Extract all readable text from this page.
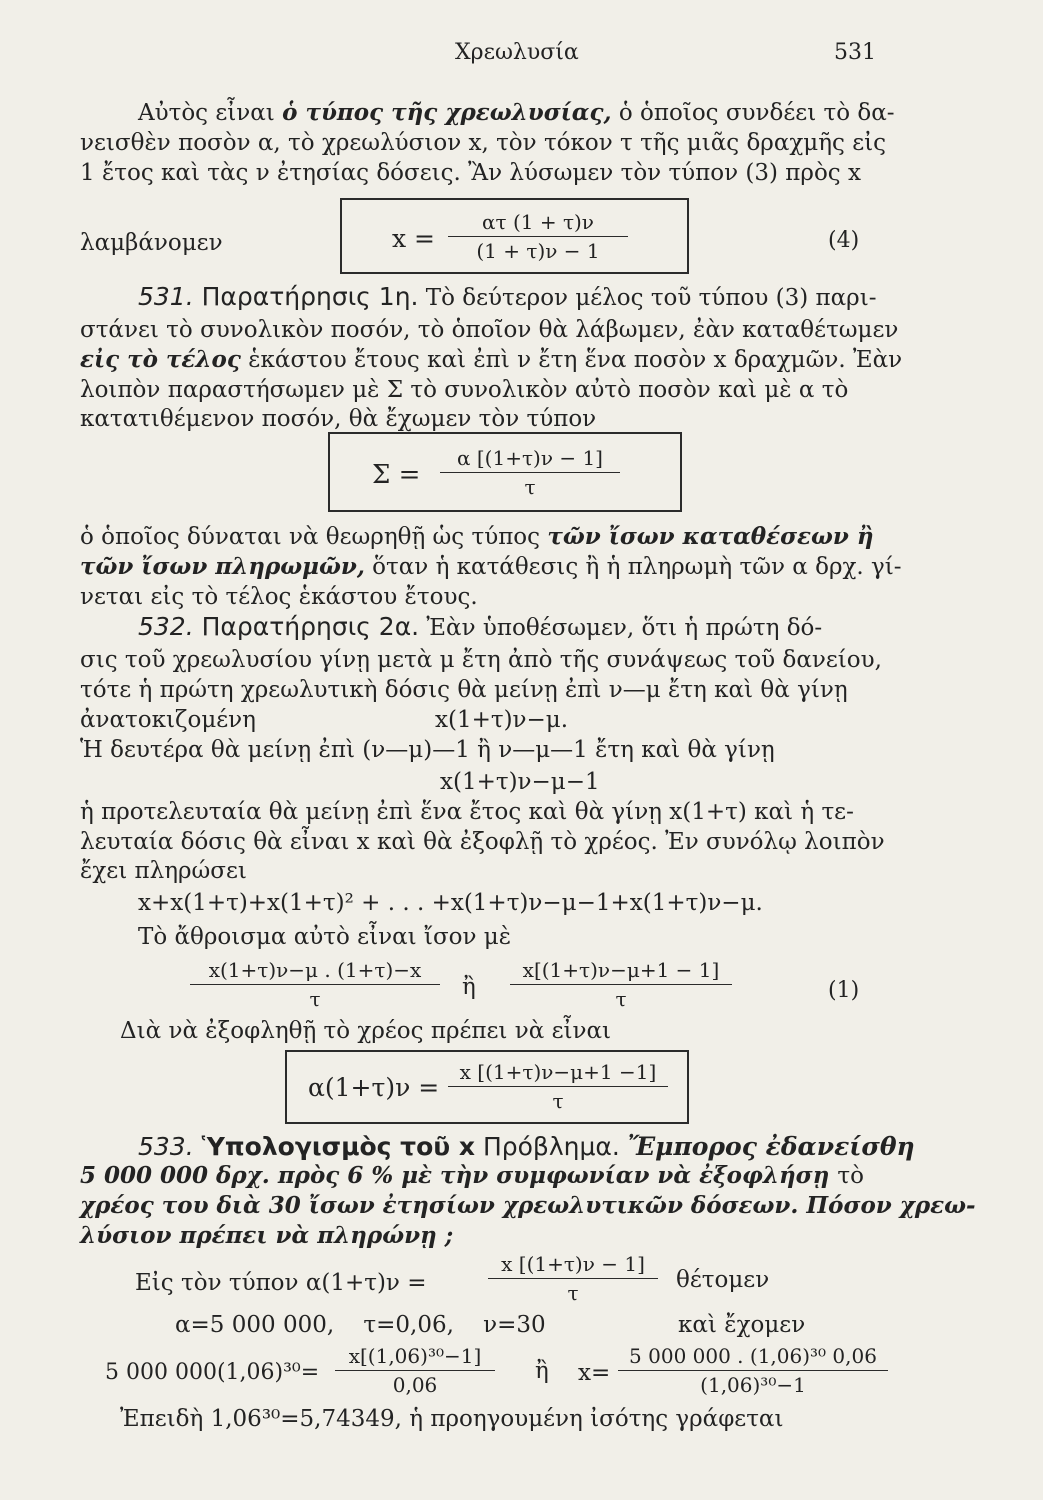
Χρεωλυσία	531
Αὐτὸς εἶναι ὁ τύπος τῆς χρεωλυσίας, ὁ ὁποῖος συνδέει τὸ δα-
νεισθὲν ποσὸν α, τὸ χρεωλύσιον x, τὸν τόκον τ τῆς μιᾶς δραχμῆς εἰς
1 ἔτος καὶ τὰς ν ἐτησίας δόσεις. Ἂν λύσωμεν τὸν τύπον (3) πρὸς x
λαμβάνομεν	x =
ατ (1 + τ)ν
(1 + τ)ν − 1	(4)
531. Παρατήρησις 1η. Τὸ δεύτερον μέλος τοῦ τύπου (3) παρι-
στάνει τὸ συνολικὸν ποσόν, τὸ ὁποῖον θὰ λάβωμεν, ἐὰν καταθέτωμεν
εἰς τὸ τέλος ἑκάστου ἔτους καὶ ἐπὶ ν ἔτη ἕνα ποσὸν x δραχμῶν. Ἐὰν
λοιπὸν παραστήσωμεν μὲ Σ τὸ συνολικὸν αὐτὸ ποσὸν καὶ μὲ α τὸ
κατατιθέμενον ποσόν, θὰ ἔχωμεν τὸν τύπον
Σ =
α [(1+τ)ν − 1]
τ
ὁ ὁποῖος δύναται νὰ θεωρηθῇ ὡς τύπος τῶν ἴσων καταθέσεων ἢ
τῶν ἴσων πληρωμῶν, ὅταν ἡ κατάθεσις ἢ ἡ πληρωμὴ τῶν α δρχ. γί-
νεται εἰς τὸ τέλος ἑκάστου ἔτους.
532. Παρατήρησις 2α. Ἐὰν ὑποθέσωμεν, ὅτι ἡ πρώτη δό-
σις τοῦ χρεωλυσίου γίνῃ μετὰ μ ἔτη ἀπὸ τῆς συνάψεως τοῦ δανείου,
τότε ἡ πρώτη χρεωλυτικὴ δόσις θὰ μείνῃ ἐπὶ ν—μ ἔτη καὶ θὰ γίνῃ
ἀνατοκιζομένη	x(1+τ)ν−μ.
Ἡ δευτέρα θὰ μείνῃ ἐπὶ (ν—μ)—1 ἢ ν—μ—1 ἔτη καὶ θὰ γίνῃ
x(1+τ)ν−μ−1
ἡ προτελευταία θὰ μείνῃ ἐπὶ ἕνα ἔτος καὶ θὰ γίνῃ x(1+τ) καὶ ἡ τε-
λευταία δόσις θὰ εἶναι x καὶ θὰ ἐξοφλῇ τὸ χρέος. Ἐν συνόλῳ λοιπὸν
ἔχει πληρώσει
x+x(1+τ)+x(1+τ)² + . . . +x(1+τ)ν−μ−1+x(1+τ)ν−μ.
Τὸ ἄθροισμα αὐτὸ εἶναι ἴσον μὲ
x(1+τ)ν−μ . (1+τ)−x
τ	ἢ
x[(1+τ)ν−μ+1 − 1]
τ	(1)
Διὰ νὰ ἐξοφληθῇ τὸ χρέος πρέπει νὰ εἶναι
α(1+τ)ν =
x [(1+τ)ν−μ+1 −1]
τ
533. Ὑπολογισμὸς τοῦ x Πρόβλημα. Ἔμπορος ἐδανείσθη
5 000 000 δρχ. πρὸς 6 % μὲ τὴν συμφωνίαν νὰ ἐξοφλήσῃ τὸ
χρέος του διὰ 30 ἴσων ἐτησίων χρεωλυτικῶν δόσεων. Πόσον χρεω-
λύσιον πρέπει νὰ πληρώνῃ ;
Εἰς τὸν τύπον α(1+τ)ν =
x [(1+τ)ν − 1]
τ	θέτομεν
α=5 000 000,    τ=0,06,    ν=30	καὶ ἔχομεν
5 000 000(1,06)³⁰=
x[(1,06)³⁰−1]
0,06
ἢ x=
5 000 000 . (1,06)³⁰ 0,06
(1,06)³⁰−1
Ἐπειδὴ 1,06³⁰=5,74349, ἡ προηγουμένη ἰσότης γράφεται
